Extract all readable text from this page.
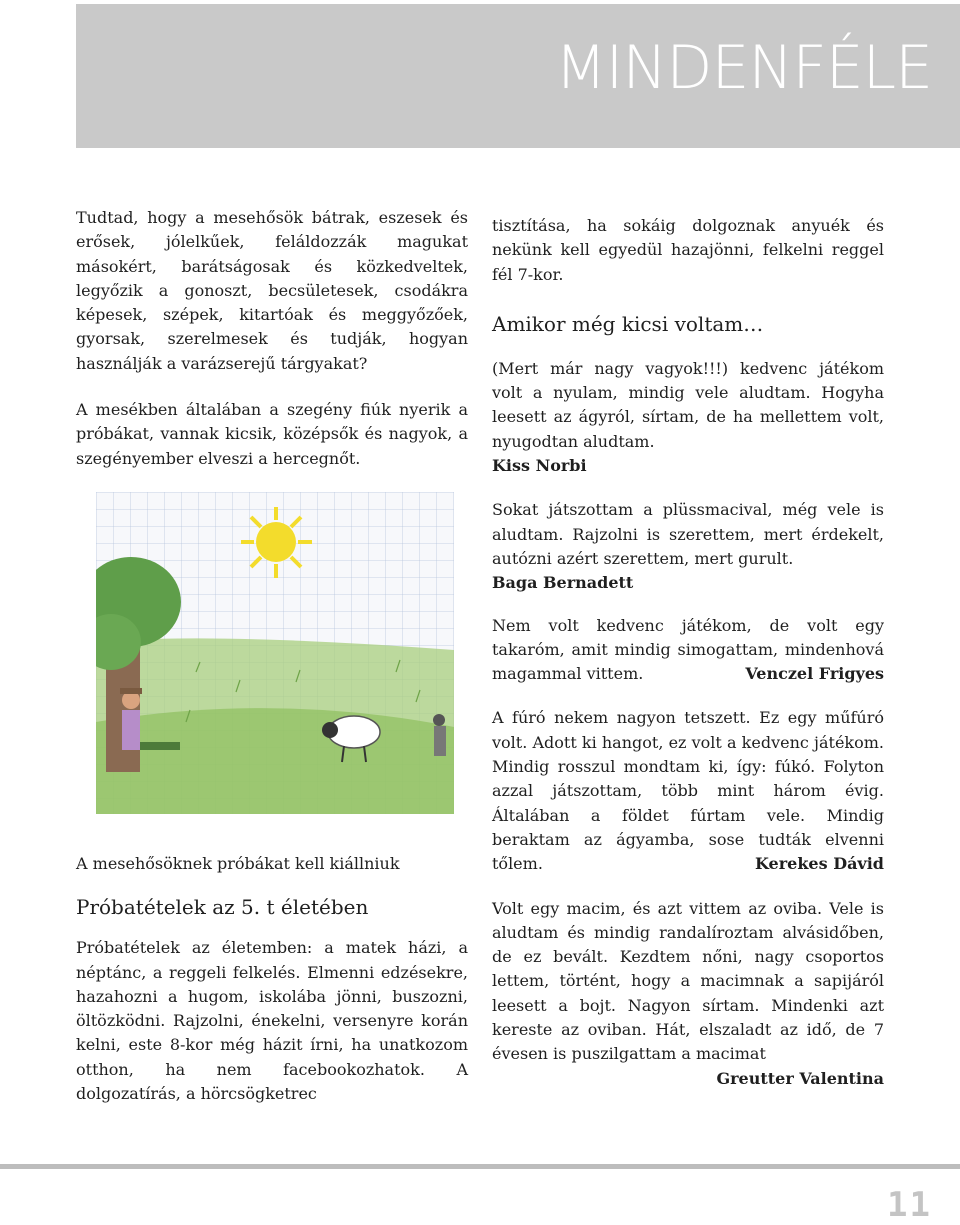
MINDENFÉLE

Tudtad, hogy a mesehősök bátrak, eszesek és erősek, jólelkűek, feláldozzák magukat másokért, barátságosak és közkedveltek, legyőzik a gonoszt, becsületesek, csodákra képesek, szépek, kitartóak és meggyőzőek, gyorsak, szerelmesek és tudják, hogyan használják a varázserejű tárgyakat?

A mesékben általában a szegény fiúk nyerik a próbákat, vannak kicsik, középsők és nagyok, a szegényember elveszi a hercegnőt.

A mesehősöknek próbákat kell kiállniuk

Próbatételek az 5. t életében

Próbatételek az életemben: a matek házi, a néptánc, a reggeli felkelés. Elmenni edzésekre, hazahozni a hugom, iskolába jönni, buszozni, öltözködni. Rajzolni, énekelni, versenyre korán kelni, este 8-kor még házit írni, ha unatkozom otthon, ha nem facebookozhatok. A dolgozatírás, a hörcsögketrec

tisztítása, ha sokáig dolgoznak anyuék és nekünk kell egyedül hazajönni, felkelni reggel fél 7-kor.

Amikor még kicsi voltam…

(Mert már nagy vagyok!!!) kedvenc játékom volt a nyulam, mindig vele aludtam. Hogyha leesett az ágyról, sírtam, de ha mellettem volt, nyugodtan aludtam.

Kiss Norbi

Sokat játszottam a plüssmacival, még vele is aludtam. Rajzolni is szerettem, mert érdekelt, autózni azért szerettem, mert gurult.

Baga Bernadett

Nem volt kedvenc játékom, de volt egy takaróm, amit mindig simogattam, mindenhová magammal vittem.	Venczel Frigyes

A fúró nekem nagyon tetszett. Ez egy műfúró volt. Adott ki hangot, ez volt a kedvenc játékom. Mindig rosszul mondtam ki, így: fúkó. Folyton azzal játszottam, több mint három évig. Általában a földet fúrtam vele. Mindig beraktam az ágyamba, sose tudták elvenni tőlem.	Kerekes Dávid

Volt egy macim, és azt vittem az oviba. Vele is aludtam és mindig randalíroztam alvásidőben, de ez bevált. Kezdtem nőni, nagy csoportos lettem, történt, hogy a macimnak a sapijáról leesett a bojt. Nagyon sírtam. Mindenki azt kereste az oviban. Hát, elszaladt az idő, de 7 évesen is puszilgattam a macimat
Greutter Valentina

11
